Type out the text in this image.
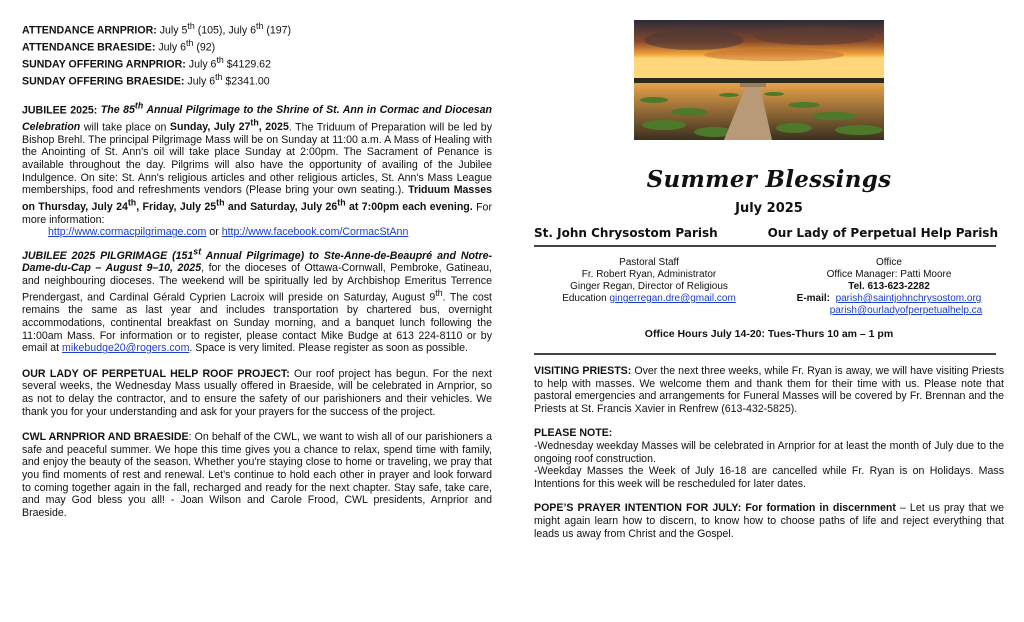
ATTENDANCE ARNPRIOR: July 5th (105), July 6th (197)

ATTENDANCE BRAESIDE: July 6th (92)

SUNDAY OFFERING ARNPRIOR: July 6th $4129.62

SUNDAY OFFERING BRAESIDE: July 6th $2341.00

JUBILEE 2025: The 85th Annual Pilgrimage to the Shrine of St. Ann in Cormac and Diocesan Celebration will take place on Sunday, July 27th, 2025. The Triduum of Preparation will be led by Bishop Brehl. The principal Pilgrimage Mass will be on Sunday at 11:00 a.m. A Mass of Healing with the Anointing of St. Ann's oil will take place Sunday at 2:00pm. The Sacrament of Penance is available throughout the day. Pilgrims will also have the opportunity of availing of the Jubilee Indulgence. On site: St. Ann's religious articles and other religious articles, St. Ann's Mass League memberships, food and refreshments vendors (Please bring your own seating.). Triduum Masses on Thursday, July 24th, Friday, July 25th and Saturday, July 26th at 7:00pm each evening. For more information:
http://www.cormacpilgrimage.com or http://www.facebook.com/CormacStAnn

JUBILEE 2025 PILGRIMAGE (151st Annual Pilgrimage) to Ste-Anne-de-Beaupré and Notre-Dame-du-Cap – August 9–10, 2025, for the dioceses of Ottawa-Cornwall, Pembroke, Gatineau, and neighbouring dioceses. The weekend will be spiritually led by Archbishop Emeritus Terrence Prendergast, and Cardinal Gérald Cyprien Lacroix will preside on Saturday, August 9th. The cost remains the same as last year and includes transportation by chartered bus, overnight accommodations, continental breakfast on Sunday morning, and a banquet lunch following the 11:00am Mass. For information or to register, please contact Mike Budge at 613 224-8110 or by email at mikebudge20@rogers.com. Space is very limited. Please register as soon as possible.

OUR LADY OF PERPETUAL HELP ROOF PROJECT: Our roof project has begun. For the next several weeks, the Wednesday Mass usually offered in Braeside, will be celebrated in Arnprior, so as not to delay the contractor, and to ensure the safety of our parishioners and their vehicles. We thank you for your understanding and ask for your prayers for the success of the project.

CWL ARNPRIOR AND BRAESIDE: On behalf of the CWL, we want to wish all of our parishioners a safe and peaceful summer. We hope this time gives you a chance to relax, spend time with family, and enjoy the beauty of the season. Whether you're staying close to home or traveling, we pray that you find moments of rest and renewal. Let’s continue to hold each other in prayer and look forward to coming together again in the fall, recharged and ready for the next chapter. Stay safe, take care, and may God bless you all! - Joan Wilson and Carole Frood, CWL presidents, Arnprior and Braeside.

Summer Blessings
July 2025
St. John Chrysostom Parish	Our Lady of Perpetual Help Parish
Pastoral Staff
Fr. Robert Ryan, Administrator
Ginger Regan, Director of Religious
Education gingerregan.dre@gmail.com
Office
Office Manager: Patti Moore
Tel. 613-623-2282
E-mail: parish@saintjohnchrysostom.org
parish@ourladyofperpetualhelp.ca
Office Hours July 14-20: Tues-Thurs 10 am – 1 pm

VISITING PRIESTS: Over the next three weeks, while Fr. Ryan is away, we will have visiting Priests to help with masses. We welcome them and thank them for their time with us. Please note that pastoral emergencies and arrangements for Funeral Masses will be covered by Fr. Brennan and the Priests at St. Francis Xavier in Renfrew (613-432-5825).

PLEASE NOTE:

-Wednesday weekday Masses will be celebrated in Arnprior for at least the month of July due to the ongoing roof construction.

-Weekday Masses the Week of July 16-18 are cancelled while Fr. Ryan is on Holidays. Mass Intentions for this week will be rescheduled for later dates.

POPE’S PRAYER INTENTION FOR JULY: For formation in discernment – Let us pray that we might again learn how to discern, to know how to choose paths of life and reject everything that leads us away from Christ and the Gospel.
